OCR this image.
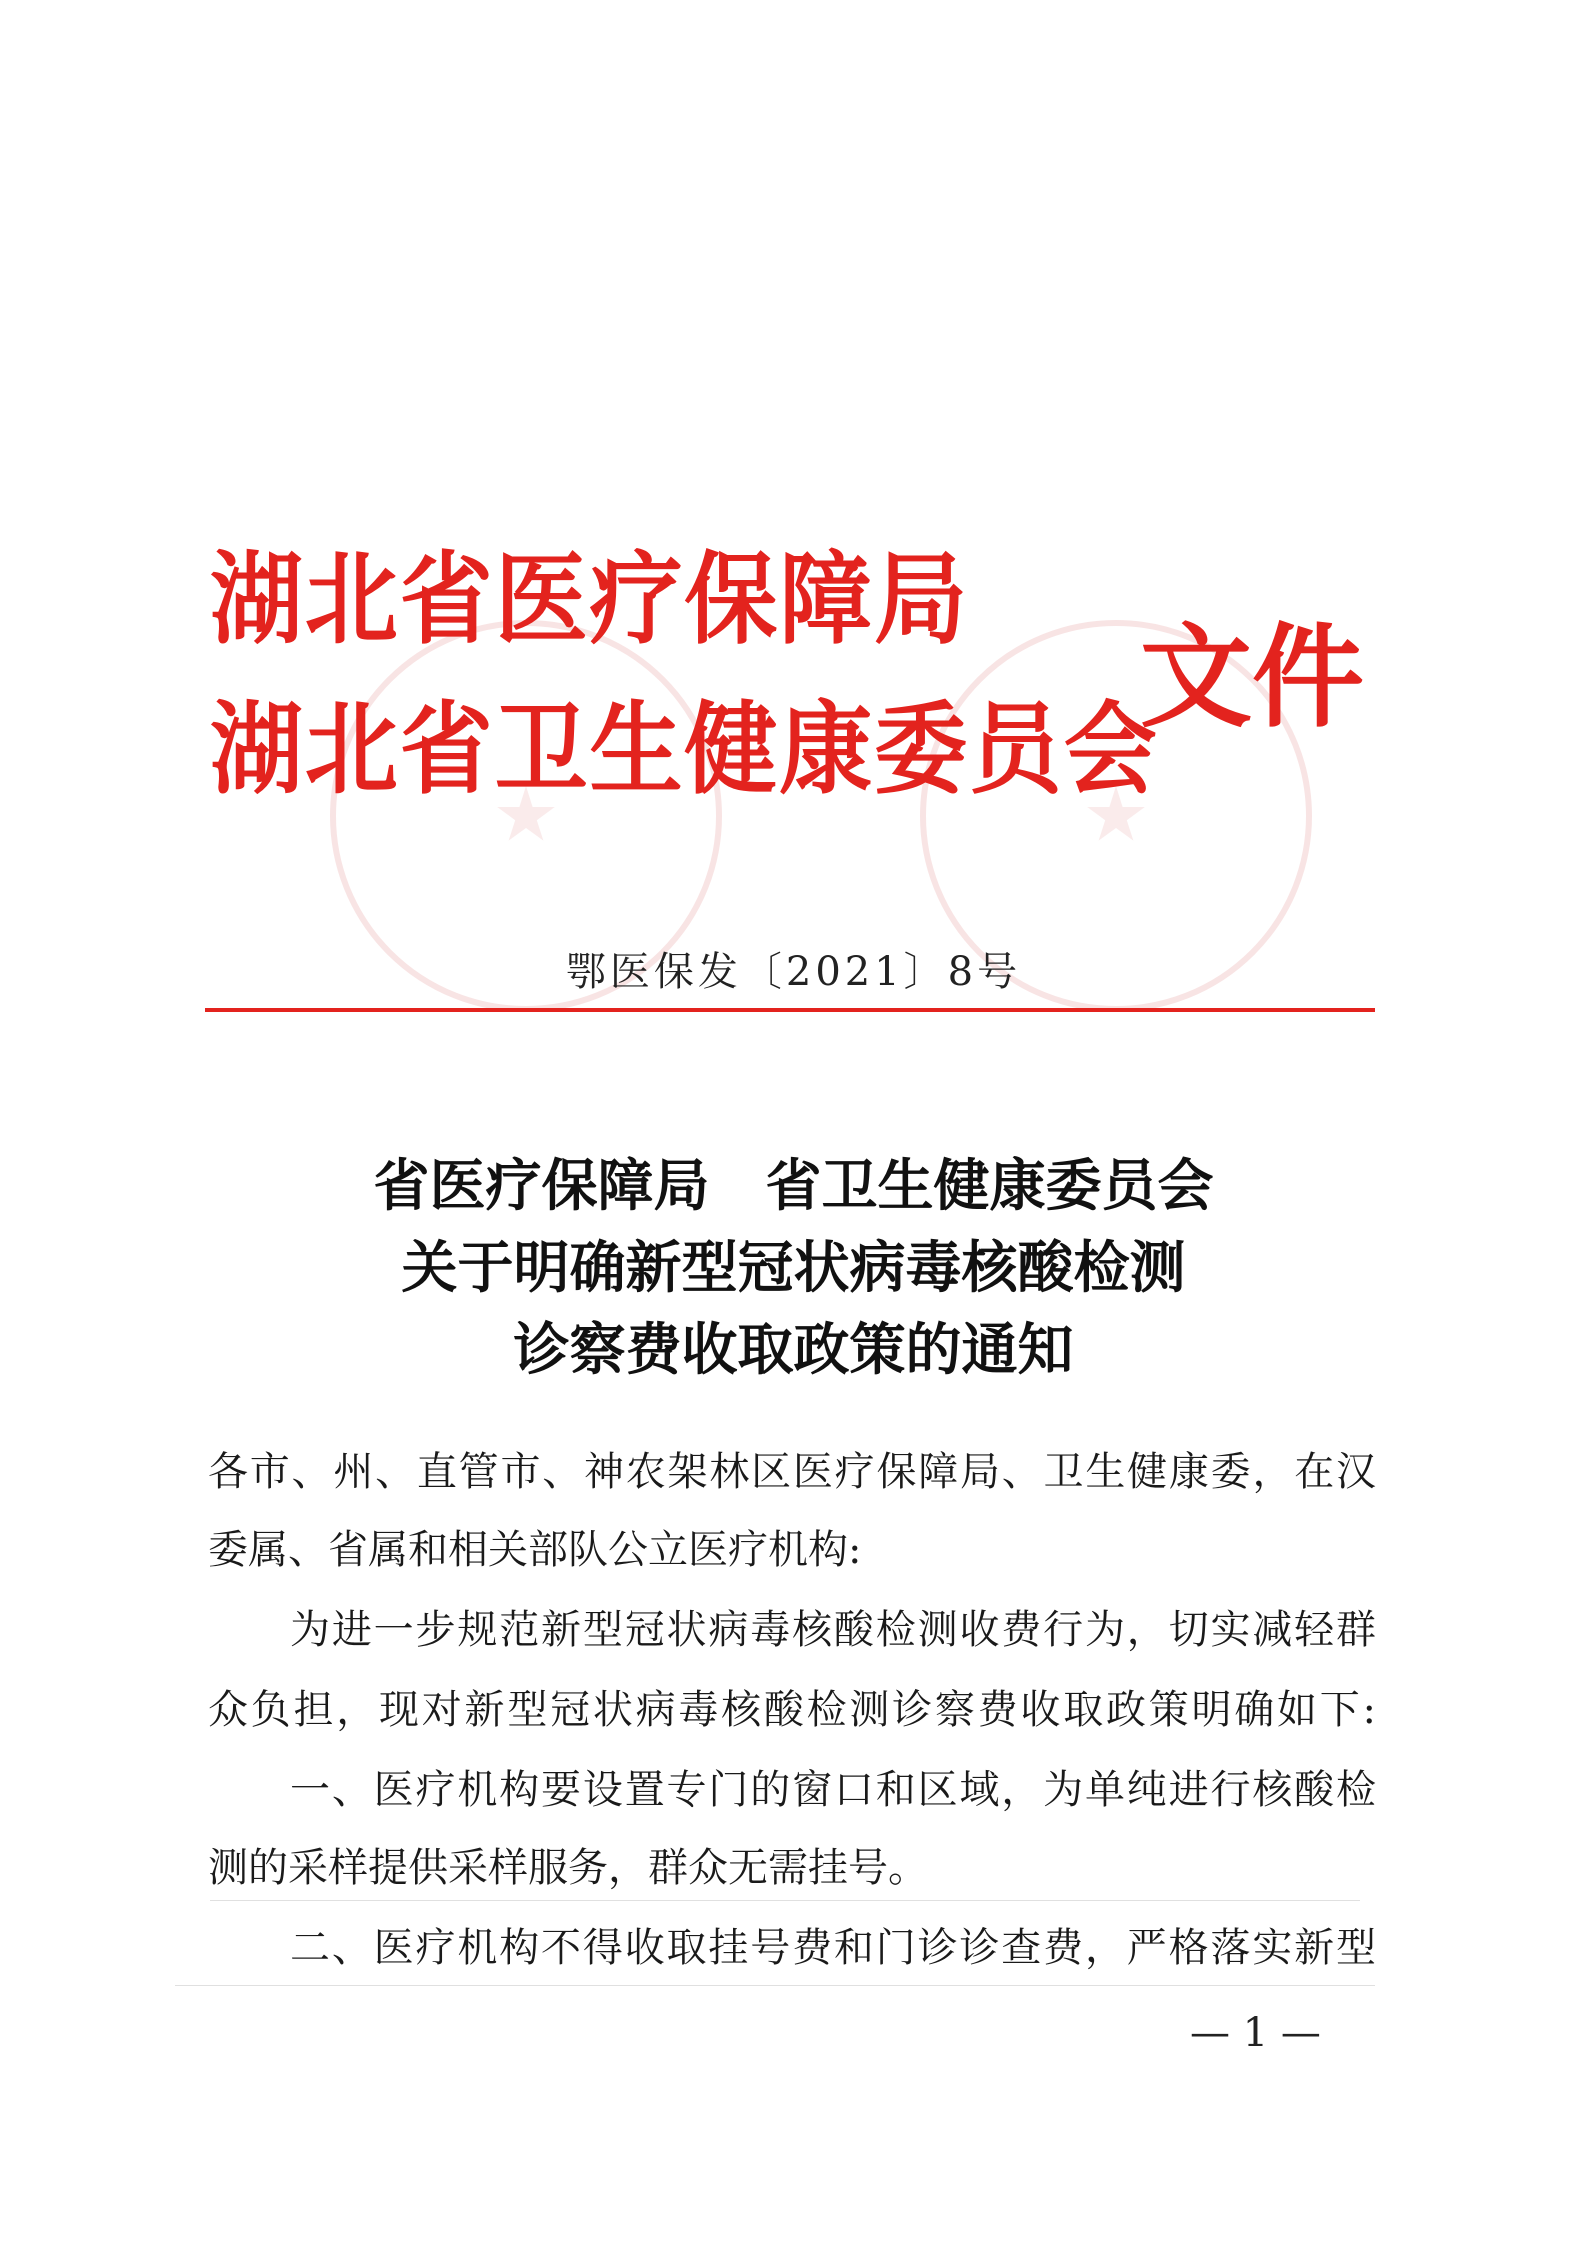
湖北省医疗保障局
湖北省卫生健康委员会
文件
鄂医保发〔2021〕8号
省医疗保障局　省卫生健康委员会
关于明确新型冠状病毒核酸检测
诊察费收取政策的通知
各市、州、直管市、神农架林区医疗保障局、卫生健康委，在汉
委属、省属和相关部队公立医疗机构:
为进一步规范新型冠状病毒核酸检测收费行为，切实减轻群
众负担，现对新型冠状病毒核酸检测诊察费收取政策明确如下:
一、医疗机构要设置专门的窗口和区域，为单纯进行核酸检
测的采样提供采样服务，群众无需挂号。
二、医疗机构不得收取挂号费和门诊诊查费，严格落实新型
— 1 —
